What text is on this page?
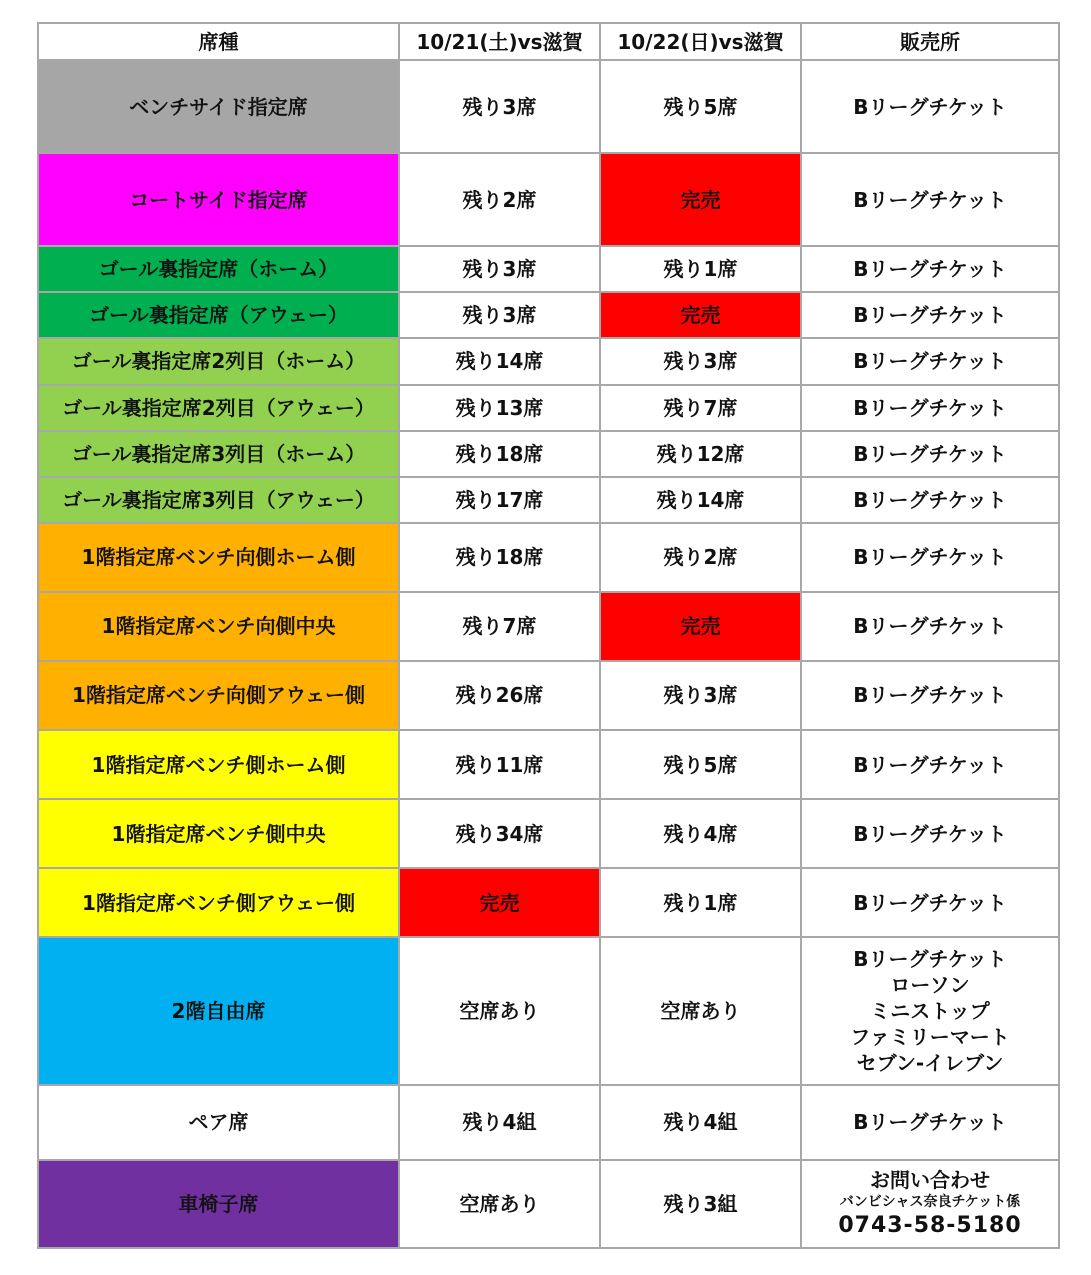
席種	10/21(土)vs滋賀	10/22(日)vs滋賀	販売所
ベンチサイド指定席	残り3席	残り5席	Bリーグチケット
コートサイド指定席	残り2席	完売	Bリーグチケット
ゴール裏指定席（ホーム）	残り3席	残り1席	Bリーグチケット
ゴール裏指定席（アウェー）	残り3席	完売	Bリーグチケット
ゴール裏指定席2列目（ホーム）	残り14席	残り3席	Bリーグチケット
ゴール裏指定席2列目（アウェー）	残り13席	残り7席	Bリーグチケット
ゴール裏指定席3列目（ホーム）	残り18席	残り12席	Bリーグチケット
ゴール裏指定席3列目（アウェー）	残り17席	残り14席	Bリーグチケット
1階指定席ベンチ向側ホーム側	残り18席	残り2席	Bリーグチケット
1階指定席ベンチ向側中央	残り7席	完売	Bリーグチケット
1階指定席ベンチ向側アウェー側	残り26席	残り3席	Bリーグチケット
1階指定席ベンチ側ホーム側	残り11席	残り5席	Bリーグチケット
1階指定席ベンチ側中央	残り34席	残り4席	Bリーグチケット
1階指定席ベンチ側アウェー側	完売	残り1席	Bリーグチケット
2階自由席	空席あり	空席あり	Bリーグチケット
ローソン
ミニストップ
ファミリーマート
セブン-イレブン

ペア席	残り4組	残り4組	Bリーグチケット
車椅子席	空席あり	残り3組	お問い合わせ
バンビシャス奈良チケット係
0743-58-5180
